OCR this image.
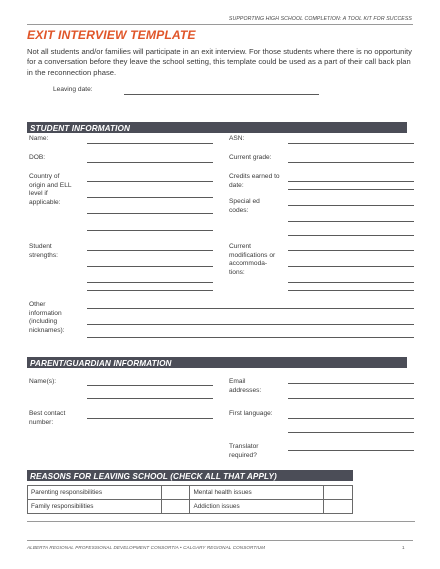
SUPPORTING HIGH SCHOOL COMPLETION: A TOOL KIT FOR SUCCESS
EXIT INTERVIEW TEMPLATE
Not all students and/or families will participate in an exit interview. For those students where there is no opportunity for a conversation before they leave the school setting, this template could be used as a part of their call back plan in the reconnection phase.
Leaving date:
STUDENT INFORMATION
Name:	ASN:
DOB:	Current grade:
Country of origin and ELL level if applicable:
Credits earned to date:
Special ed codes:
Student strengths:
Current modifications or accommoda-tions:
Other information (including nicknames):
PARENT/GUARDIAN INFORMATION
Name(s):	Email addresses:
Best contact number:
First language:
Translator required?
REASONS FOR LEAVING SCHOOL (CHECK ALL THAT APPLY)
Parenting responsibilities		Mental health issues	
Family responsibilities		Addiction issues	
ALBERTA REGIONAL PROFESSIONAL DEVELOPMENT CONSORTIA • CALGARY REGIONAL CONSORTIUM	1
